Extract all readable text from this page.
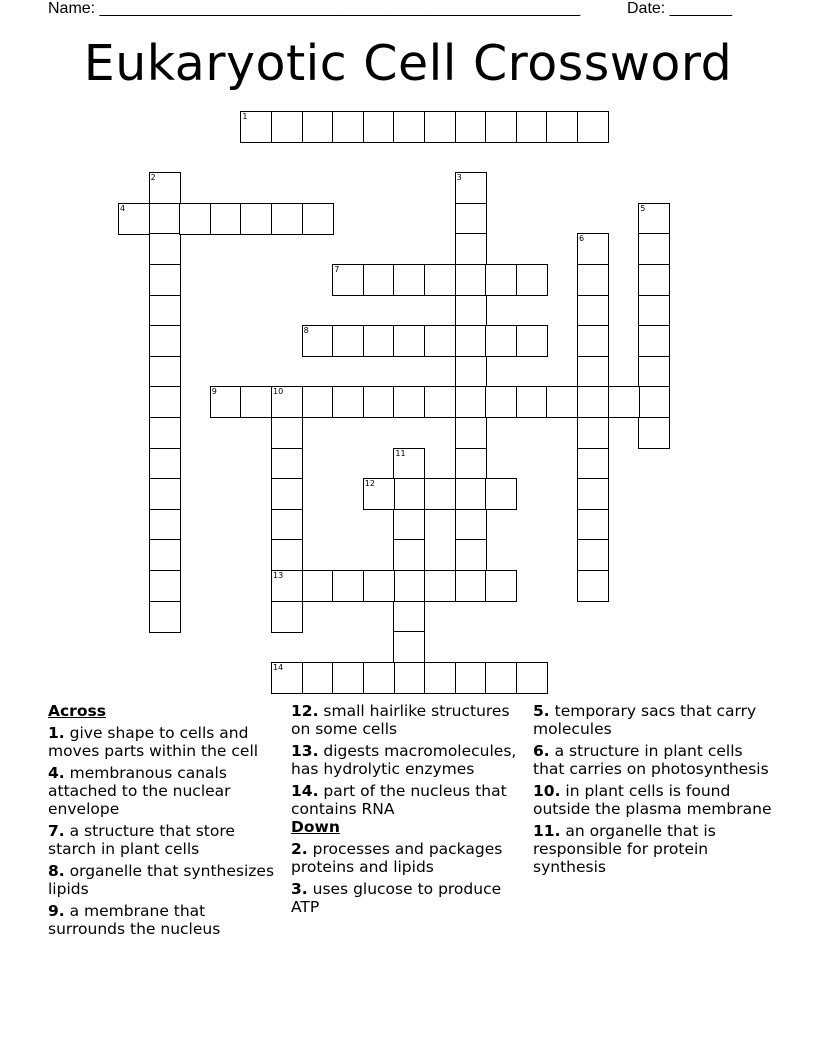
Name: ______________________________________________________	Date: _______
Eukaryotic Cell Crossword
1
2	3
4	5
6
7
8
9	10
11
12
13
14
Across
1. give shape to cells and moves parts within the cell
4. membranous canals attached to the nuclear envelope
7. a structure that store starch in plant cells
8. organelle that synthesizes lipids
9. a membrane that surrounds the nucleus
12. small hairlike structures on some cells
13. digests macromolecules, has hydrolytic enzymes
14. part of the nucleus that contains RNA
Down
2. processes and packages proteins and lipids
3. uses glucose to produce ATP
5. temporary sacs that carry molecules
6. a structure in plant cells that carries on photosynthesis
10. in plant cells is found outside the plasma membrane
11. an organelle that is responsible for protein synthesis
